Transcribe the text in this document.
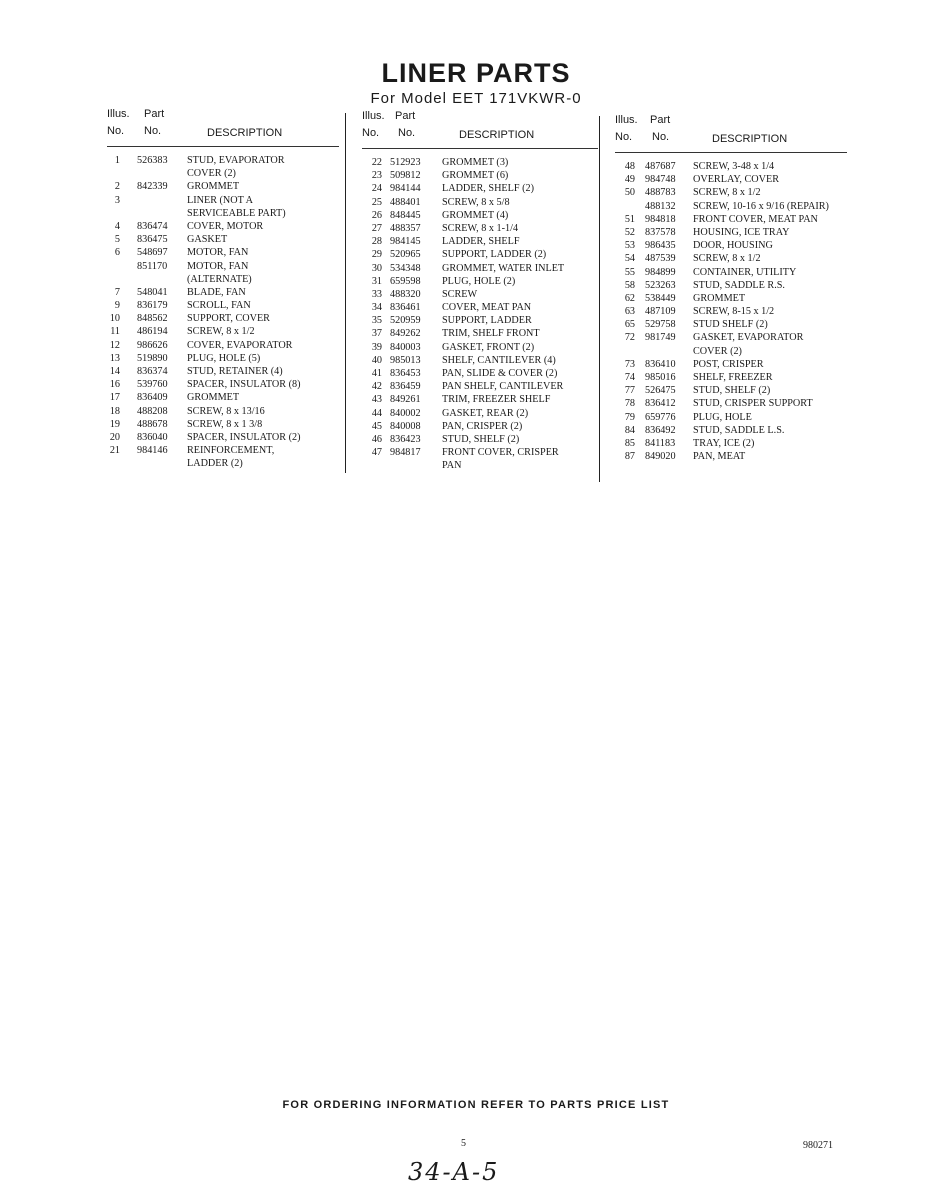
LINER PARTS
For Model EET 171VKWR-0
Illus. Part
No. No.	DESCRIPTION
1 526383 STUD, EVAPORATOR
COVER (2)
2 842339 GROMMET
3	LINER (NOT A
SERVICEABLE PART)
4 836474 COVER, MOTOR
5 836475 GASKET
6 548697 MOTOR, FAN
851170 MOTOR, FAN
(ALTERNATE)
7 548041 BLADE, FAN
9 836179 SCROLL, FAN
10 848562 SUPPORT, COVER
11 486194 SCREW, 8 x 1/2
12 986626 COVER, EVAPORATOR
13 519890 PLUG, HOLE (5)
14 836374 STUD, RETAINER (4)
16 539760 SPACER, INSULATOR (8)
17 836409 GROMMET
18 488208 SCREW, 8 x 13/16
19 488678 SCREW, 8 x 1 3/8
20 836040 SPACER, INSULATOR (2)
21 984146 REINFORCEMENT,
LADDER (2)
Illus. Part
No. No.	DESCRIPTION
22 512923 GROMMET (3)
23 509812 GROMMET (6)
24 984144 LADDER, SHELF (2)
25 488401 SCREW, 8 x 5/8
26 848445 GROMMET (4)
27 488357 SCREW, 8 x 1-1/4
28 984145 LADDER, SHELF
29 520965 SUPPORT, LADDER (2)
30 534348 GROMMET, WATER INLET
31 659598 PLUG, HOLE (2)
33 488320 SCREW
34 836461 COVER, MEAT PAN
35 520959 SUPPORT, LADDER
37 849262 TRIM, SHELF FRONT
39 840003 GASKET, FRONT (2)
40 985013 SHELF, CANTILEVER (4)
41 836453 PAN, SLIDE & COVER (2)
42 836459 PAN SHELF, CANTILEVER
43 849261 TRIM, FREEZER SHELF
44 840002 GASKET, REAR (2)
45 840008 PAN, CRISPER (2)
46 836423 STUD, SHELF (2)
47 984817 FRONT COVER, CRISPER
PAN
Illus. Part
No. No.	DESCRIPTION
48 487687 SCREW, 3-48 x 1/4
49 984748 OVERLAY, COVER
50 488783 SCREW, 8 x 1/2
488132 SCREW, 10-16 x 9/16 (REPAIR)
51 984818 FRONT COVER, MEAT PAN
52 837578 HOUSING, ICE TRAY
53 986435 DOOR, HOUSING
54 487539 SCREW, 8 x 1/2
55 984899 CONTAINER, UTILITY
58 523263 STUD, SADDLE R.S.
62 538449 GROMMET
63 487109 SCREW, 8-15 x 1/2
65 529758 STUD SHELF (2)
72 981749 GASKET, EVAPORATOR
COVER (2)
73 836410 POST, CRISPER
74 985016 SHELF, FREEZER
77 526475 STUD, SHELF (2)
78 836412 STUD, CRISPER SUPPORT
79 659776 PLUG, HOLE
84 836492 STUD, SADDLE L.S.
85 841183 TRAY, ICE (2)
87 849020 PAN, MEAT
FOR ORDERING INFORMATION REFER TO PARTS PRICE LIST
5	980271
34-A-5
